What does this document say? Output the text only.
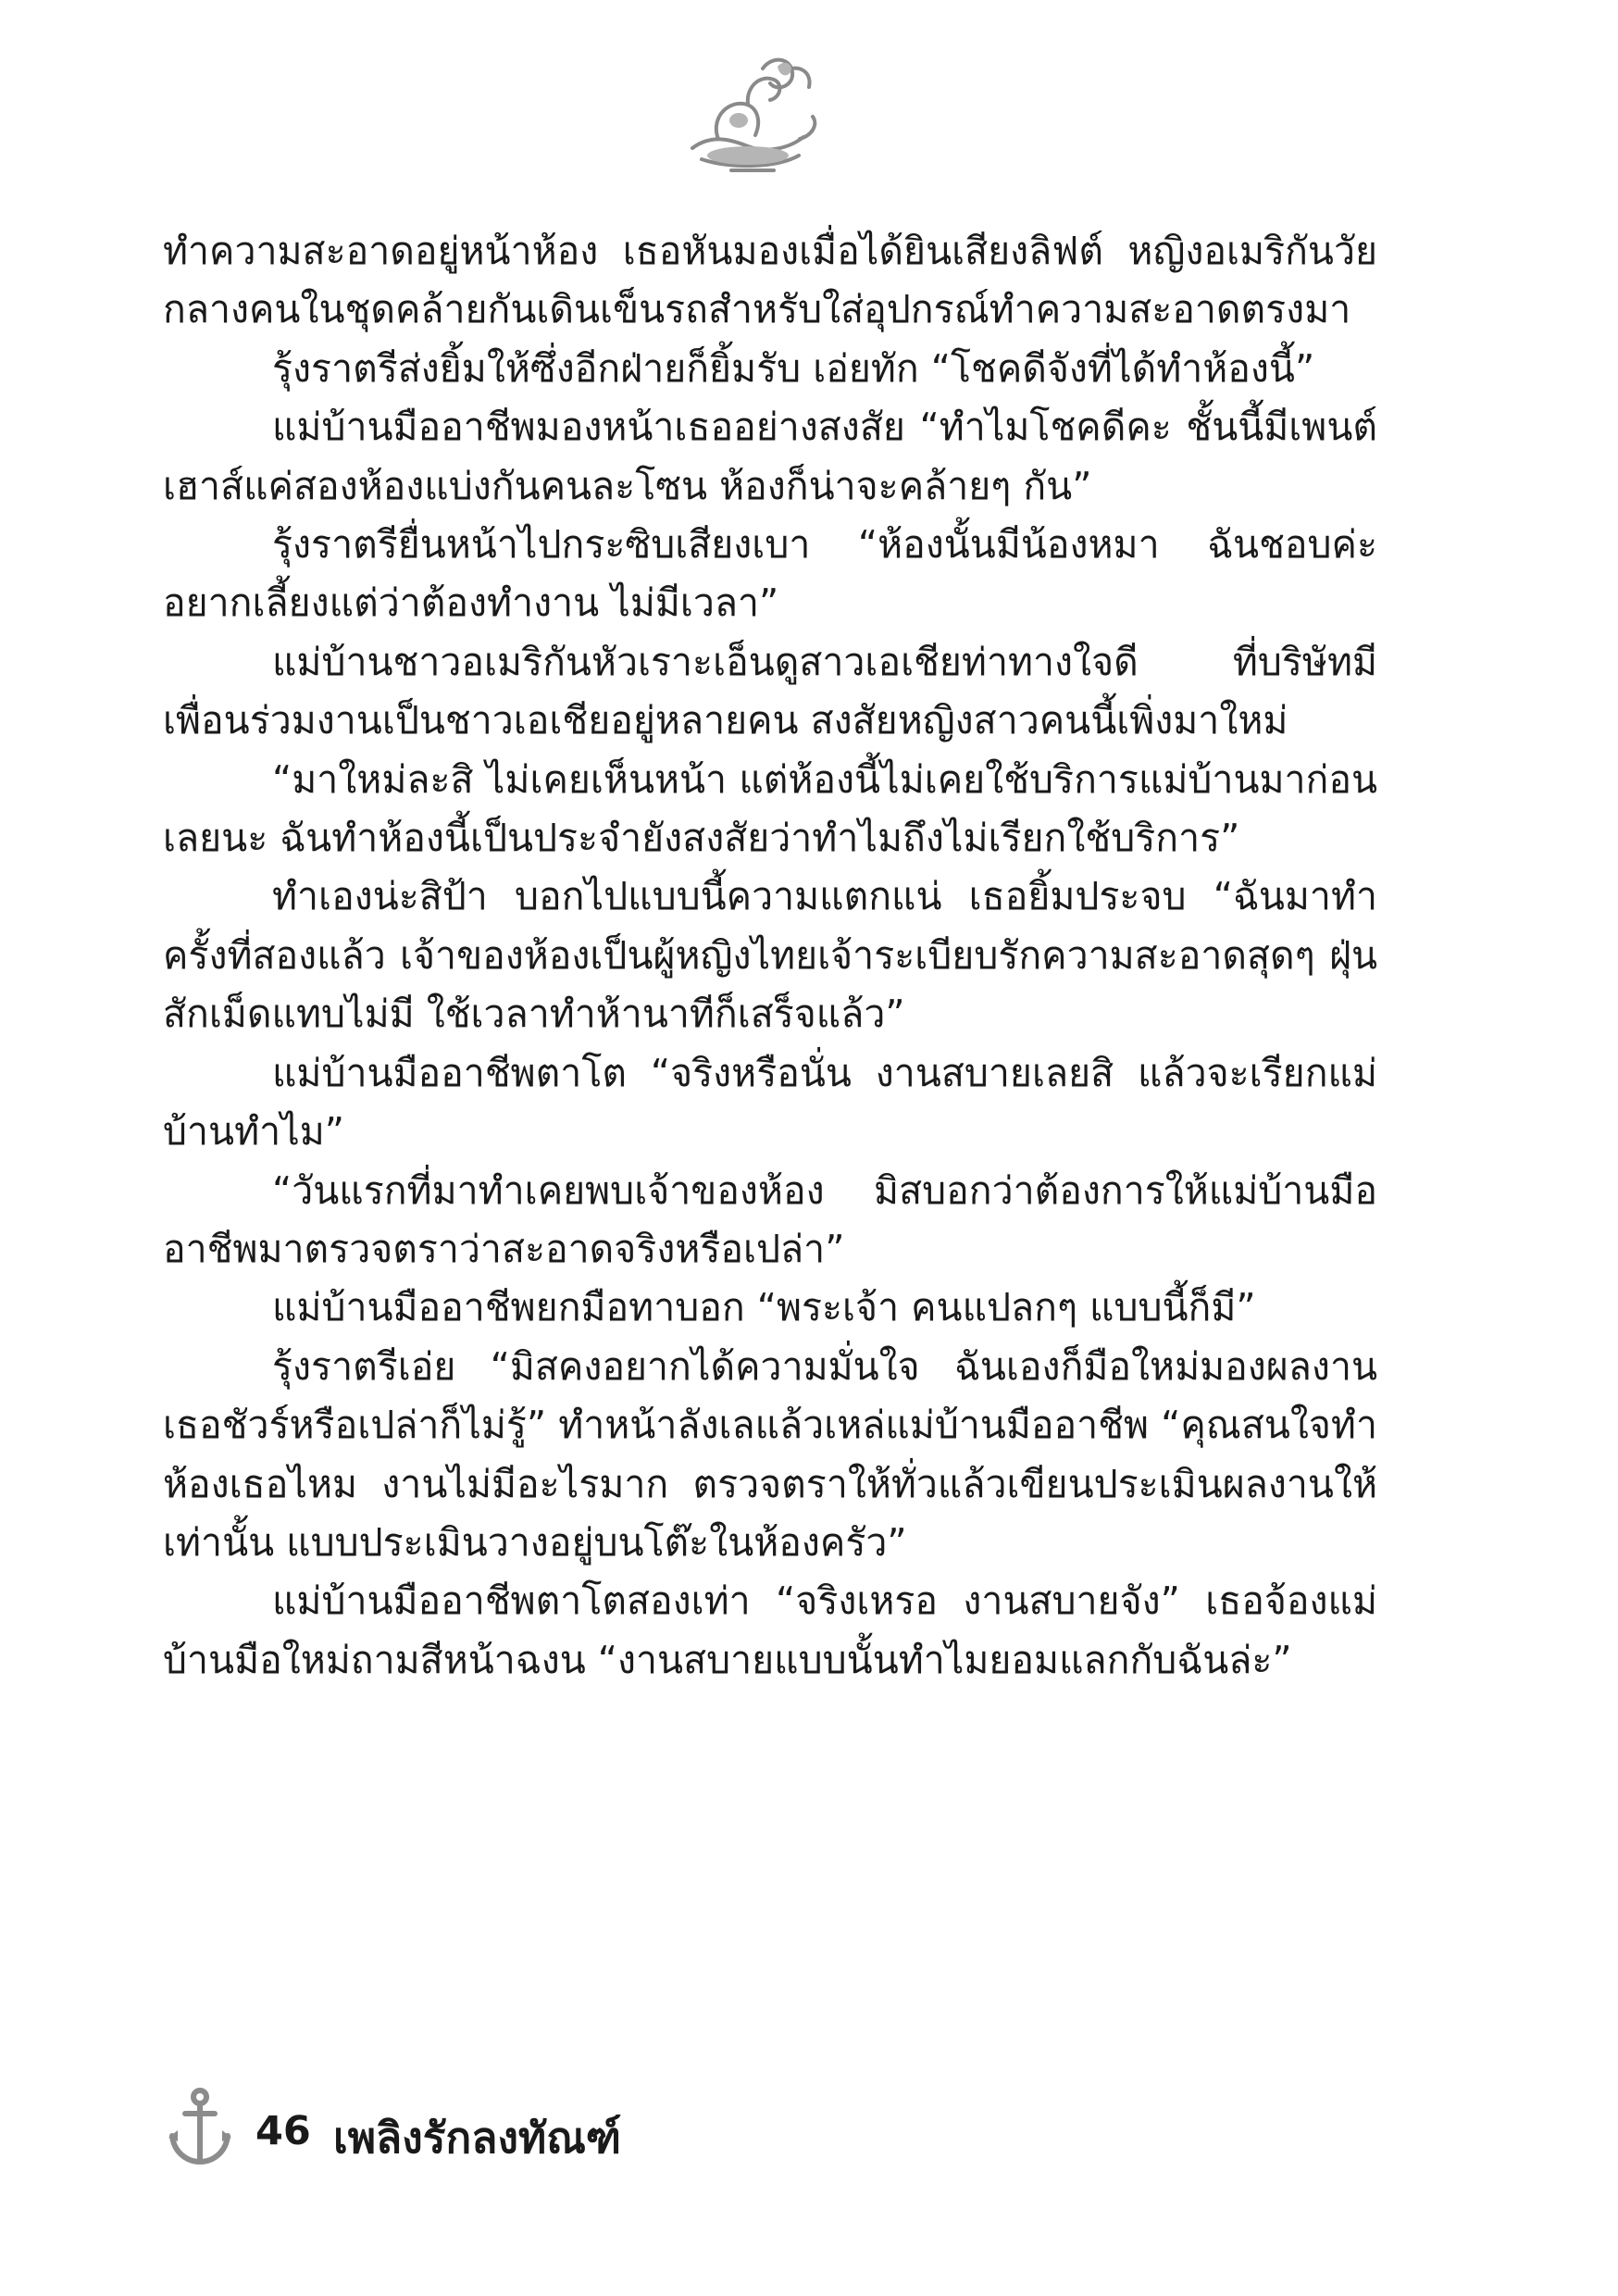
ทำความสะอาดอยู่หน้าห้อง เธอหันมองเมื่อได้ยินเสียงลิฟต์ หญิงอเมริกันวัยกลางคนในชุดคล้ายกันเดินเข็นรถสำหรับใส่อุปกรณ์ทำความสะอาดตรงมา

รุ้งราตรีส่งยิ้มให้ซึ่งอีกฝ่ายก็ยิ้มรับ เอ่ยทัก “โชคดีจังที่ได้ทำห้องนี้”

แม่บ้านมืออาชีพมองหน้าเธออย่างสงสัย “ทำไมโชคดีคะ ชั้นนี้มีเพนต์เฮาส์แค่สองห้องแบ่งกันคนละโซน ห้องก็น่าจะคล้ายๆ กัน”

รุ้งราตรียื่นหน้าไปกระซิบเสียงเบา “ห้องนั้นมีน้องหมา ฉันชอบค่ะ อยากเลี้ยงแต่ว่าต้องทำงาน ไม่มีเวลา”

แม่บ้านชาวอเมริกันหัวเราะเอ็นดูสาวเอเชียท่าทางใจดี ที่บริษัทมีเพื่อนร่วมงานเป็นชาวเอเชียอยู่หลายคน สงสัยหญิงสาวคนนี้เพิ่งมาใหม่

“มาใหม่ละสิ ไม่เคยเห็นหน้า แต่ห้องนี้ไม่เคยใช้บริการแม่บ้านมาก่อนเลยนะ ฉันทำห้องนี้เป็นประจำยังสงสัยว่าทำไมถึงไม่เรียกใช้บริการ”

ทำเองน่ะสิป้า บอกไปแบบนี้ความแตกแน่ เธอยิ้มประจบ “ฉันมาทำครั้งที่สองแล้ว เจ้าของห้องเป็นผู้หญิงไทยเจ้าระเบียบรักความสะอาดสุดๆ ฝุ่นสักเม็ดแทบไม่มี ใช้เวลาทำห้านาทีก็เสร็จแล้ว”

แม่บ้านมืออาชีพตาโต “จริงหรือนั่น งานสบายเลยสิ แล้วจะเรียกแม่บ้านทำไม”

“วันแรกที่มาทำเคยพบเจ้าของห้อง มิสบอกว่าต้องการให้แม่บ้านมืออาชีพมาตรวจตราว่าสะอาดจริงหรือเปล่า”

แม่บ้านมืออาชีพยกมือทาบอก “พระเจ้า คนแปลกๆ แบบนี้ก็มี”

รุ้งราตรีเอ่ย “มิสคงอยากได้ความมั่นใจ ฉันเองก็มือใหม่มองผลงานเธอชัวร์หรือเปล่าก็ไม่รู้” ทำหน้าลังเลแล้วเหล่แม่บ้านมืออาชีพ “คุณสนใจทำห้องเธอไหม งานไม่มีอะไรมาก ตรวจตราให้ทั่วแล้วเขียนประเมินผลงานให้เท่านั้น แบบประเมินวางอยู่บนโต๊ะในห้องครัว”

แม่บ้านมืออาชีพตาโตสองเท่า “จริงเหรอ งานสบายจัง” เธอจ้องแม่บ้านมือใหม่ถามสีหน้าฉงน “งานสบายแบบนั้นทำไมยอมแลกกับฉันล่ะ”

46 เพลิงรักลงทัณฑ์
